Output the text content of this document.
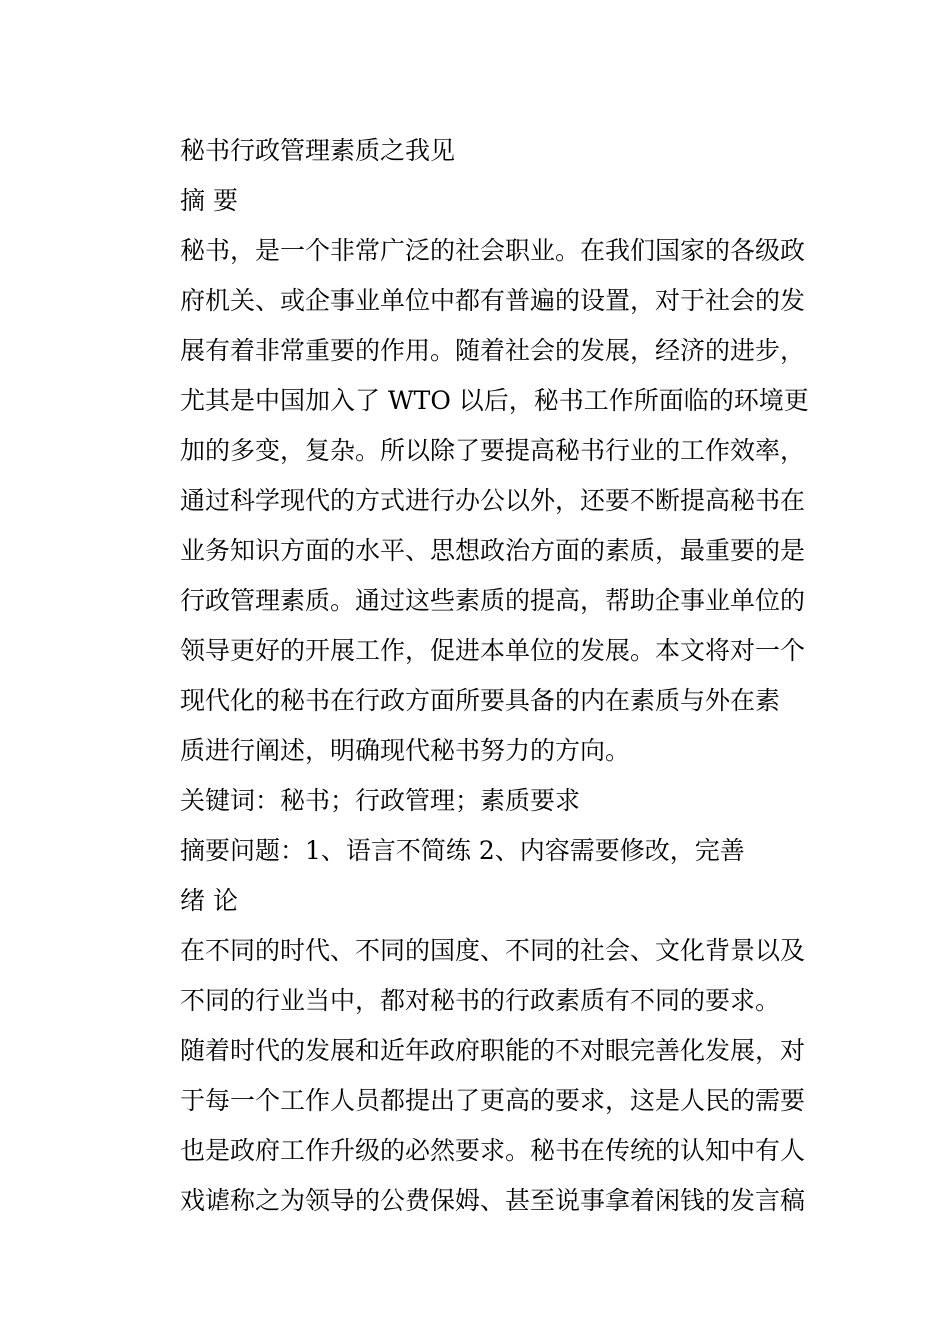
秘书行政管理素质之我见

摘 要

秘书，是一个非常广泛的社会职业。在我们国家的各级政
府机关、或企事业单位中都有普遍的设置，对于社会的发
展有着非常重要的作用。随着社会的发展，经济的进步，
尤其是中国加入了 WTO 以后，秘书工作所面临的环境更
加的多变，复杂。所以除了要提高秘书行业的工作效率，
通过科学现代的方式进行办公以外，还要不断提高秘书在
业务知识方面的水平、思想政治方面的素质，最重要的是
行政管理素质。通过这些素质的提高，帮助企事业单位的
领导更好的开展工作，促进本单位的发展。本文将对一个
现代化的秘书在行政方面所要具备的内在素质与外在素
质进行阐述，明确现代秘书努力的方向。

关键词：秘书；行政管理；素质要求

摘要问题：1、语言不简练 2、内容需要修改，完善

绪 论

在不同的时代、不同的国度、不同的社会、文化背景以及
不同的行业当中，都对秘书的行政素质有不同的要求。
随着时代的发展和近年政府职能的不对眼完善化发展，对
于每一个工作人员都提出了更高的要求，这是人民的需要
也是政府工作升级的必然要求。秘书在传统的认知中有人
戏谑称之为领导的公费保姆、甚至说事拿着闲钱的发言稿
